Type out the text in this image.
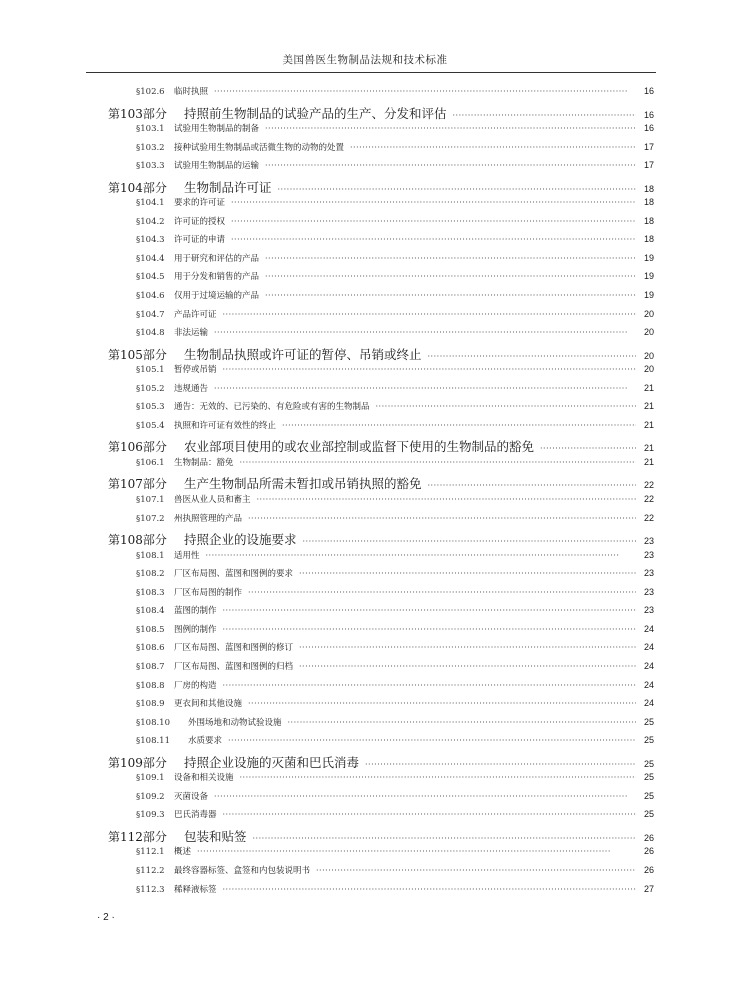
美国兽医生物制品法规和技术标准
§102.6	临时执照 ·····	16
第103部分	持照前生物制品的试验产品的生产、分发和评估 ·····	16
§103.1	试验用生物制品的制备 ·····	16
§103.2	接种试验用生物制品或活微生物的动物的处置 ·····	17
§103.3	试验用生物制品的运输 ·····	17
第104部分	生物制品许可证 ·····	18
§104.1	要求的许可证 ·····	18
§104.2	许可证的授权 ·····	18
§104.3	许可证的申请 ·····	18
§104.4	用于研究和评估的产品 ·····	19
§104.5	用于分发和销售的产品 ·····	19
§104.6	仅用于过境运输的产品 ·····	19
§104.7	产品许可证 ·····	20
§104.8	非法运输 ·····	20
第105部分	生物制品执照或许可证的暂停、吊销或终止 ·····	20
§105.1	暂停或吊销 ·····	20
§105.2	违规通告 ·····	21
§105.3	通告：无效的、已污染的、有危险或有害的生物制品 ·····	21
§105.4	执照和许可证有效性的终止 ·····	21
第106部分	农业部项目使用的或农业部控制或监督下使用的生物制品的豁免 ·····	21
§106.1	生物制品：豁免 ·····	21
第107部分	生产生物制品所需未暂扣或吊销执照的豁免 ·····	22
§107.1	兽医从业人员和畜主 ·····	22
§107.2	州执照管理的产品 ·····	22
第108部分	持照企业的设施要求 ·····	23
§108.1	适用性 ·····	23
§108.2	厂区布局图、蓝图和图例的要求 ·····	23
§108.3	厂区布局图的制作 ·····	23
§108.4	蓝图的制作 ·····	23
§108.5	图例的制作 ·····	24
§108.6	厂区布局图、蓝图和图例的修订 ·····	24
§108.7	厂区布局图、蓝图和图例的归档 ·····	24
§108.8	厂房的构造 ·····	24
§108.9	更衣间和其他设施 ·····	24
§108.10	外围场地和动物试验设施 ·····	25
§108.11	水质要求 ·····	25
第109部分	持照企业设施的灭菌和巴氏消毒 ·····	25
§109.1	设备和相关设施 ·····	25
§109.2	灭菌设备 ·····	25
§109.3	巴氏消毒器 ·····	25
第112部分	包装和贴签 ·····	26
§112.1	概述 ·····	26
§112.2	最终容器标签、盒签和内包装说明书 ·····	26
§112.3	稀释液标签 ·····	27
· 2 ·
